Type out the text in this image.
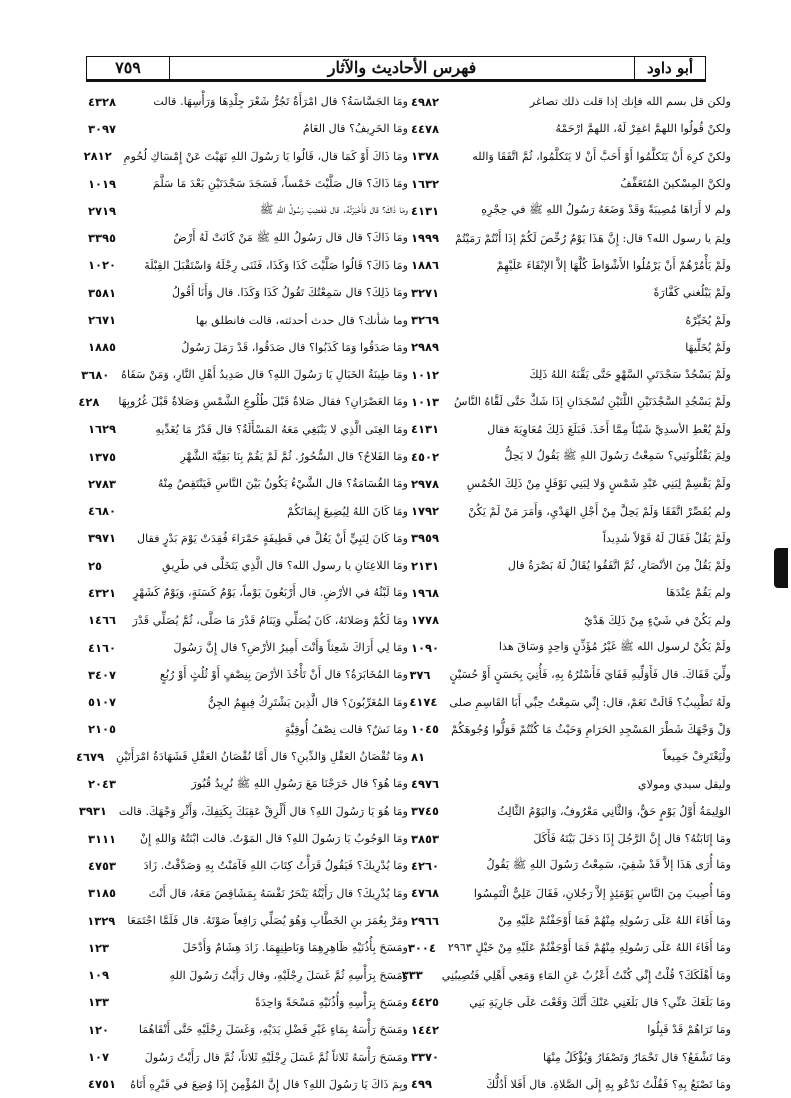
أبو داود
فهرس الأحاديث والآثار
٧٥٩
ولكن قل بسم الله فإنك إذا قلت ذلك تصاغر
٤٩٨٢
ولكنْ قُولُوا اللهمَّ اغفِرْ لَهُ، اللهمَّ ارْحَمْهُ
٤٤٧٨
ولكنْ كرِهَ أَنْ يَتَكلَّمُوا أَوْ أَحَبَّ أَنْ لا يَتَكلَّمُوا، ثُمَّ اتَّفَقَا وَالله
١٣٧٨
ولكنَّ المِسْكينَ المُتَعَفِّفُ
١٦٣٢
ولم لا أَرَاهَا مُصِيبَةً وَقَدْ وَضَعَهُ رَسُولُ اللهِ ﷺ في حِجْرِهِ
٤١٣١
ولِمَ يا رسول الله؟ قال: إِنَّ هَذَا يَوْمٌ رُخِّصَ لَكُمْ إذَا أَنْتُمْ رَمَيْتُمْ
١٩٩٩
ولَمْ يَأْمُرْهُمْ أَنْ يَرْمُلُوا الأَشْوَاطَ كُلَّهَا إلاَّ الإبْقَاءَ عَلَيْهِمْ
١٨٨٦
ولَمْ يَبْلُغني كَفَّارَةً
٣٢٧١
ولَمْ يُخَيِّرْهُ
٣٢٦٩
ولَمْ يُخَلِّيهَا
٢٩٨٩
ولَمْ يَسْجُدْ سَجْدَتَيِ السَّهْوِ حَتَّى يَقَّنَهُ اللهُ ذَلِكَ
١٠١٢
ولَمْ يَسْجُدِ السَّجْدَتَيْنِ اللَّتَيْنِ تُسْجَدَانِ إذَا شَكَّ حَتَّى لَقَّاهُ النَّاسُ
١٠١٣
ولَمْ يُعْطِ الأسدِيَّ شَيْئاً مِمَّا أَخَذَ. فَبَلَغَ ذَلِكَ مُعَاوِيَةَ فقال
٤١٣١
ولِمَ يَقْتُلُونَنِي؟ سَمِعْتُ رَسُولَ اللهِ ﷺ يَقُولُ لا يَحِلُّ
٤٥٠٢
ولَمْ يَقْسِمْ لِبَنِي عَبْدِ شَمْسٍ وَلا لِبَنِي نَوْفَلٍ مِنْ ذَلِكَ الخُمُسِ
٢٩٧٨
ولم يُقَصِّرْ اتَّفَقَا وَلَمْ يَحِلَّ مِنْ أَجْلِ الهَدْيِ، وَأَمَرَ مَنْ لَمْ يَكُنْ
١٧٩٢
ولَمْ يَقُلْ فَقَالَ لَهُ قَوْلاً شَدِيداً
٣٩٥٩
ولَمْ يَقُلْ مِنَ الأنْصَارِ، ثُمَّ اتَّفَقُوا يُقَالُ لَهُ بَصْرَةُ قال
٢١٣١
ولم يَقُمْ عِنْدَهَا
١٩٦٨
ولم يَكُنْ في شَيْءٍ مِنْ ذَلِكَ هَدْيٌ
١٧٧٨
ولَمْ يَكُنْ لرسول الله ﷺ غَيْرُ مُؤَذِّنٍ وَاحِدٍ وَسَاقَ هذا
١٠٩٠
ولِّيَ قَفَاكَ. قال فَأَوَلِّيهِ قَفَايَ فَأَسْتُرُهُ بِهِ، فَأُتِيَ بِحَسَنٍ أَوْ حُسَيْنٍ
٣٧٦
ولَهُ تَطْبِيبٌ؟ قَالَتْ نَعَمْ، قال: إِنِّي سَمِعْتُ حِبِّي أَبَا القَاسِمِ صلى
٤١٧٤
وَلْ وَجْهَكَ شَطْرَ المَسْجِدِ الحَرَامِ وَحَيْثُ مَا كُنْتُمْ فَوَلُّوا وُجُوهَكُمْ
١٠٤٥
ولْيَغْتَرِفْ جَمِيعاً
٨١
وليقل سيدي ومولاي
٤٩٧٦
الوَلِيمَةُ أَوَّلُ يَوْمٍ حَقٌّ، وَالثَّانِي مَعْرُوفٌ، وَاليَوْمُ الثَّالِثُ
٣٧٤٥
ومَا إِتَابَتُهُ؟ قال إِنَّ الرَّجُلَ إِذَا دَخَلَ بَيْتَهُ فَأَكَلَ
٣٨٥٣
ومَا أُرَى هَذَا إلاَّ قَدْ شَقِيَ، سَمِعْتُ رَسُولَ اللهِ ﷺ يَقُولُ
٤٢٦٠
ومَا أُصِيبَ مِنَ النَّاسِ يَوْمَئِذٍ إلاَّ رَجُلانِ، فَقَالَ عَلِيٌّ الْتَمِسُوا
٤٧٦٨
ومَا أَفَاءَ اللهُ عَلَى رَسُولِهِ مِنْهُمْ فَمَا أَوْجَفْتُمْ عَلَيْهِ مِنْ
٢٩٦٦
ومَا أَفَاءَ اللهُ عَلَى رَسُولِهِ مِنْهُمْ فَمَا أَوْجَفْتُمْ عَلَيْهِ مِنْ خَيْلٍ ٢٩٦٣
٣٠٠٤
ومَا أَهْلَكَكَ؟ قُلْتُ إِنِّي كُنْتُ أَعْزُبُ عَنِ المَاءِ وَمَعِي أَهْلِي فَتُصِيبُنِي
٣٣٣
ومَا بَلَغَكَ عَنِّي؟ قال بَلَغَنِي عَنْكَ أَنَّكَ وَقَعْتَ عَلَى جَارِيَةِ بَنِي
٤٤٢٥
ومَا تَرَاهُمْ قَدْ قَبِلُوا
١٤٤٢
ومَا تَشْفَعُ؟ قال تَحْمَارُ وَتَصْفَارُ وَيُؤْكَلُ مِنْهَا
٣٣٧٠
ومَا تَصْنَعُ بِهِ؟ فَقُلْتُ نَدْعُو بِهِ إِلَى الصَّلاةِ. قال أَفَلا أَدُلُّكَ
٤٩٩
ومَا الجَسَّاسَةُ؟ قال امْرَأَةٌ تَجُرُّ شَعْرَ جِلْدِهَا وَرَأْسِهَا. قالت
٤٣٢٨
ومَا الخَرِيفُ؟ قال العَامُ
٣٠٩٧
ومَا ذَاكَ أَوْ كَمَا قال، قَالُوا يَا رَسُولَ اللهِ نَهَيْتَ عَنْ إِمْسَاكِ لُحُومِ
٢٨١٢
ومَا ذَاكَ؟ قال صَلَّيْتَ خَمْساً، فَسَجَدَ سَجْدَتَيْنِ بَعْدَ مَا سَلَّمَ
١٠١٩
ومَا ذَاكَ؟ قال فَأَخْبَرْتُهُ. قال فَغَضِبَ رَسُولُ اللهِ ﷺ
٢٧١٩
ومَا ذَاكَ؟ قال قال رَسُولُ اللهِ ﷺ مَنْ كَانَتْ لَهُ أَرْضٌ
٣٣٩٥
ومَا ذَاكَ؟ قَالُوا صَلَّيْتَ كَذَا وَكَذَا، فَثَنَى رِجْلَهُ وَاسْتَقْبَلَ القِبْلَةَ
١٠٢٠
ومَا ذَلِكَ؟ قال سَمِعْتُكَ تَقُولُ كَذَا وَكَذَا. قال وَأَنَا أَقُولُ
٣٥٨١
وما شأنك؟ قال حدث أحدثته، قالت فانطلق بها
٢٦٧١
ومَا صَدَقُوا وَمَا كَذَبُوا؟ قال صَدَقُوا، قَدْ رَمَلَ رَسُولُ
١٨٨٥
ومَا طِينَةُ الخَبَالِ يَا رَسُولَ اللهِ؟ قال صَدِيدُ أَهْلِ النَّارِ، وَمَنْ سَقَاهُ
٣٦٨٠
ومَا العَصْرَانِ؟ فقال صَلاةٌ قَبْلَ طُلُوعِ الشَّمْسِ وَصَلاةٌ قَبْلَ غُرُوبِهَا
٤٢٨
ومَا الغِنَى الَّذِي لا يَنْبَغِي مَعَهُ المَسْأَلَةُ؟ قال قَدْرُ مَا يُغَدِّيهِ
١٦٢٩
ومَا الفَلاحُ؟ قال السُّحُورُ. ثُمَّ لَمْ يَقُمْ بِنَا بَقِيَّةَ الشَّهْرِ
١٣٧٥
ومَا القُسَامَةُ؟ قال الشَّيْءُ يَكُونُ بَيْنَ النَّاسِ فَيَنْتَقِصُ مِنْهُ
٢٧٨٣
ومَا كَانَ اللهُ لِيُضِيعَ إِيمَانَكُمْ
٤٦٨٠
ومَا كَانَ لِنَبِيٍّ أَنْ يَغُلَّ في قَطِيفَةٍ حَمْرَاءَ فُقِدَتْ يَوْمَ بَدْرٍ فقال
٣٩٧١
ومَا اللاعِنَانِ يا رسول الله؟ قال الَّذِي يَتَخَلَّى في طَرِيقِ
٢٥
ومَا لَبْثُهُ في الأرْضِ. قال أَرْبَعُونَ يَوْماً، يَوْمٌ كَسَنَةٍ، وَيَوْمٌ كَشَهْرٍ
٤٣٢١
ومَا لَكُمْ وَصَلاتَهُ، كَانَ يُصَلِّي وَيَنَامُ قَدْرَ مَا صَلَّى، ثُمَّ يُصَلِّي قَدْرَ
١٤٦٦
ومَا لِي أَرَاكَ شَعِثاً وَأَنْتَ أَمِيرُ الأرْضِ؟ قال إِنَّ رَسُولَ
٤١٦٠
ومَا المُخَابَرَةُ؟ قال أَنْ تَأْخُذَ الأرْضَ بِنِصْفٍ أَوْ ثُلُثٍ أَوْ رُبُعٍ
٣٤٠٧
ومَا المُغَرِّبُونَ؟ قال الَّذِينَ يَشْتَرِكُ فِيهِمُ الجِنُّ
٥١٠٧
ومَا نَشٌ؟ قالت نِصْفُ أُوقِيَّةٍ
٢١٠٥
ومَا نُقْصَانُ العَقْلِ وَالدِّينِ؟ قال أَمَّا نُقْصَانُ العَقْلِ فَشَهَادَةُ امْرَأَتَيْنِ
٤٦٧٩
ومَا هُوَ؟ قال خَرَجْنَا مَعَ رَسُولِ اللهِ ﷺ نُرِيدُ قُبُورَ
٢٠٤٣
ومَا هُوَ يَا رَسُولَ اللهِ؟ قال أَلْزِقْ عَقِبَكَ بِكَتِفِكَ، وَأَثْرِ وَجْهَكَ. قالت
٣٩٣١
ومَا الوَجُوبُ يَا رَسُولَ اللهِ؟ قال المَوْتُ. قالت ابْنَتُهُ وَاللهِ إِنْ
٣١١١
ومَا يُدْرِيكَ؟ فَيَقُولُ قَرَأْتُ كِتَابَ اللهِ فَآمَنْتُ بِهِ وَصَدَّقْتُ. زَادَ
٤٧٥٣
ومَا يُدْرِيكَ؟ قال رَأَيْتُهُ يَنْحَرُ نَفْسَهُ بِمَشَاقِصَ مَعَهُ، قال أَنْتَ
٣١٨٥
ومَرَّ بِعُمَرَ بنِ الخَطَّابِ وَهُوَ يُصَلِّي رَافِعاً صَوْتَهُ. قال فَلَمَّا اجْتَمَعَا
١٣٢٩
ومَسَحَ بِأُذُنَيْهِ ظَاهِرِهِمَا وَبَاطِنِهِمَا. زَادَ هِشَامٌ وَأَدْخَلَ
١٢٣
ومَسَحَ بِرَأْسِهِ ثُمَّ غَسَلَ رِجْلَيْهِ، وقال رَأَيْتُ رَسُولَ اللهِ
١٠٩
ومَسَحَ بِرَأْسِهِ وَأُذُنَيْهِ مَسْحَةً وَاحِدَةً
١٣٣
ومَسَحَ رَأْسَهُ بِمَاءٍ غَيْرِ فَضْلِ يَدَيْهِ، وَغَسَلَ رِجْلَيْهِ حَتَّى أَنْقَاهُمَا
١٢٠
ومَسَحَ رَأْسَهُ ثَلاثاً ثُمَّ غَسَلَ رِجْلَيْهِ ثَلاثاً، ثُمَّ قال رَأَيْتُ رَسُولَ
١٠٧
وبِمَ ذَاكَ يَا رَسُولَ اللهِ؟ قال إِنَّ المُؤْمِنَ إِذَا وُضِعَ في قَبْرِهِ أَتَاهُ
٤٧٥١
